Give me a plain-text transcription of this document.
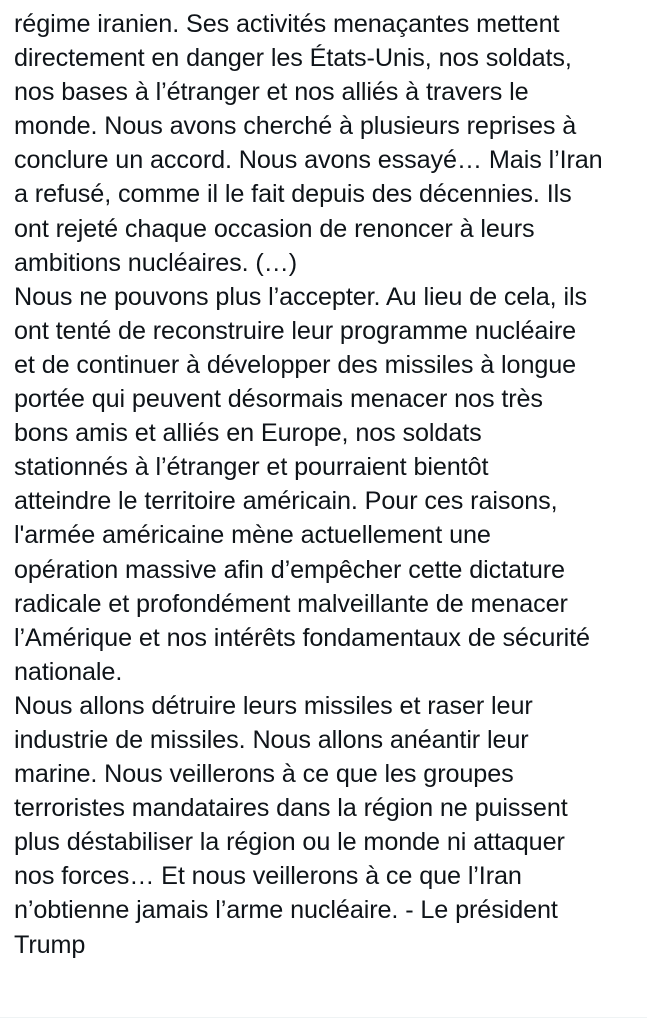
régime iranien. Ses activités menaçantes mettent
directement en danger les États-Unis, nos soldats,
nos bases à l’étranger et nos alliés à travers le
monde. Nous avons cherché à plusieurs reprises à
conclure un accord. Nous avons essayé… Mais l’Iran
a refusé, comme il le fait depuis des décennies. Ils
ont rejeté chaque occasion de renoncer à leurs
ambitions nucléaires. (…)
Nous ne pouvons plus l’accepter. Au lieu de cela, ils
ont tenté de reconstruire leur programme nucléaire
et de continuer à développer des missiles à longue
portée qui peuvent désormais menacer nos très
bons amis et alliés en Europe, nos soldats
stationnés à l’étranger et pourraient bientôt
atteindre le territoire américain. Pour ces raisons,
l'armée américaine mène actuellement une
opération massive afin d’empêcher cette dictature
radicale et profondément malveillante de menacer
l’Amérique et nos intérêts fondamentaux de sécurité
nationale.
Nous allons détruire leurs missiles et raser leur
industrie de missiles. Nous allons anéantir leur
marine. Nous veillerons à ce que les groupes
terroristes mandataires dans la région ne puissent
plus déstabiliser la région ou le monde ni attaquer
nos forces… Et nous veillerons à ce que l’Iran
n’obtienne jamais l’arme nucléaire. - Le président
Trump
